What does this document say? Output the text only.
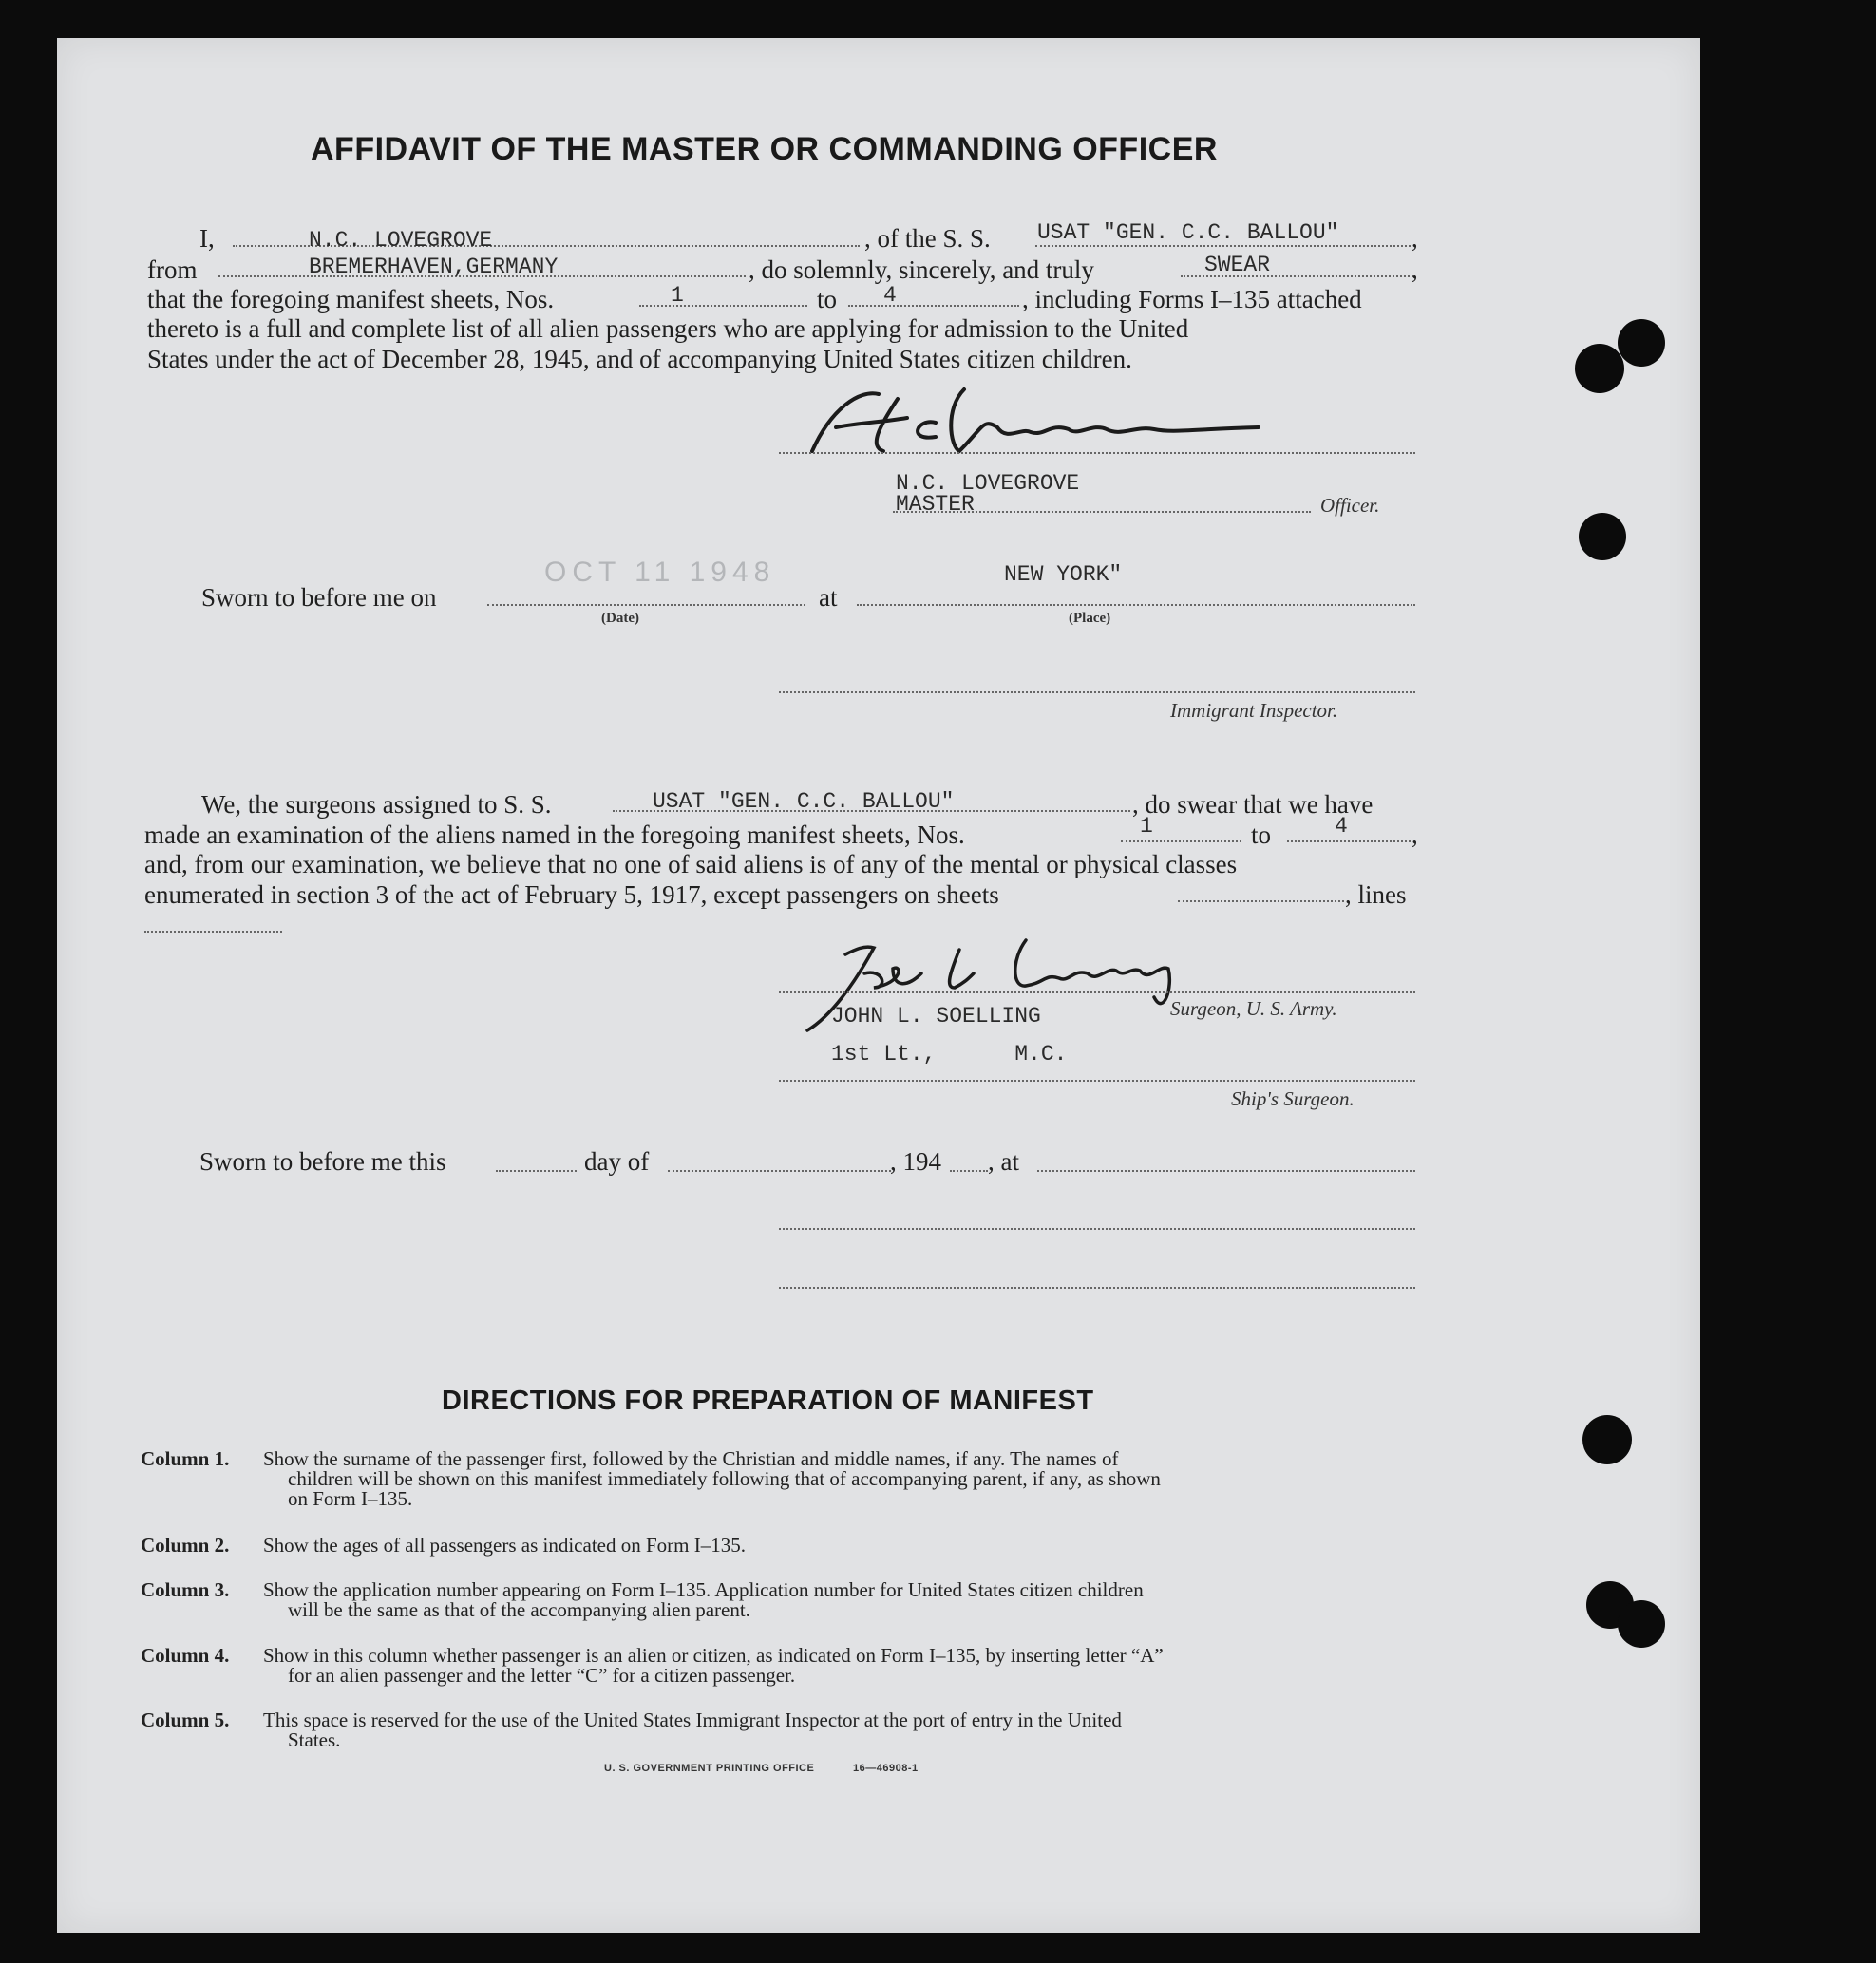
AFFIDAVIT OF THE MASTER OR COMMANDING OFFICER
I,	N.C. LOVEGROVE	, of the S. S. USAT "GEN. C.C. BALLOU"	,
from	BREMERHAVEN,GERMANY	, do solemnly, sincerely, and truly	SWEAR	,
that the foregoing manifest sheets, Nos.	1	to 4	, including Forms I–135 attached
thereto is a full and complete list of all alien passengers who are applying for admission to the United
States under the act of December 28, 1945, and of accompanying United States citizen children.
N.C. LOVEGROVE
MASTER	Officer.
Sworn to before me on
OCT 11 1948
at
NEW YORK"
(Date)	(Place)
Immigrant Inspector.
We, the surgeons assigned to S. S.	USAT "GEN. C.C. BALLOU"	, do swear that we have
made an examination of the aliens named in the foregoing manifest sheets, Nos.	1	to	4 ,
and, from our examination, we believe that no one of said aliens is of any of the mental or physical classes
enumerated in section 3 of the act of February 5, 1917, except passengers on sheets	, lines
JOHN L. SOELLING	Surgeon, U. S. Army.
1st Lt.,      M.C.
Ship's Surgeon.
Sworn to before me this	day of	, 194 , at
DIRECTIONS FOR PREPARATION OF MANIFEST
Column 1. Show the surname of the passenger first, followed by the Christian and middle names, if any. The names of
children will be shown on this manifest immediately following that of accompanying parent, if any, as shown
on Form I–135.
Column 2. Show the ages of all passengers as indicated on Form I–135.
Column 3. Show the application number appearing on Form I–135. Application number for United States citizen children
will be the same as that of the accompanying alien parent.
Column 4. Show in this column whether passenger is an alien or citizen, as indicated on Form I–135, by inserting letter “A”
for an alien passenger and the letter “C” for a citizen passenger.
Column 5. This space is reserved for the use of the United States Immigrant Inspector at the port of entry in the United
States.
U. S. GOVERNMENT PRINTING OFFICE	16—46908-1
